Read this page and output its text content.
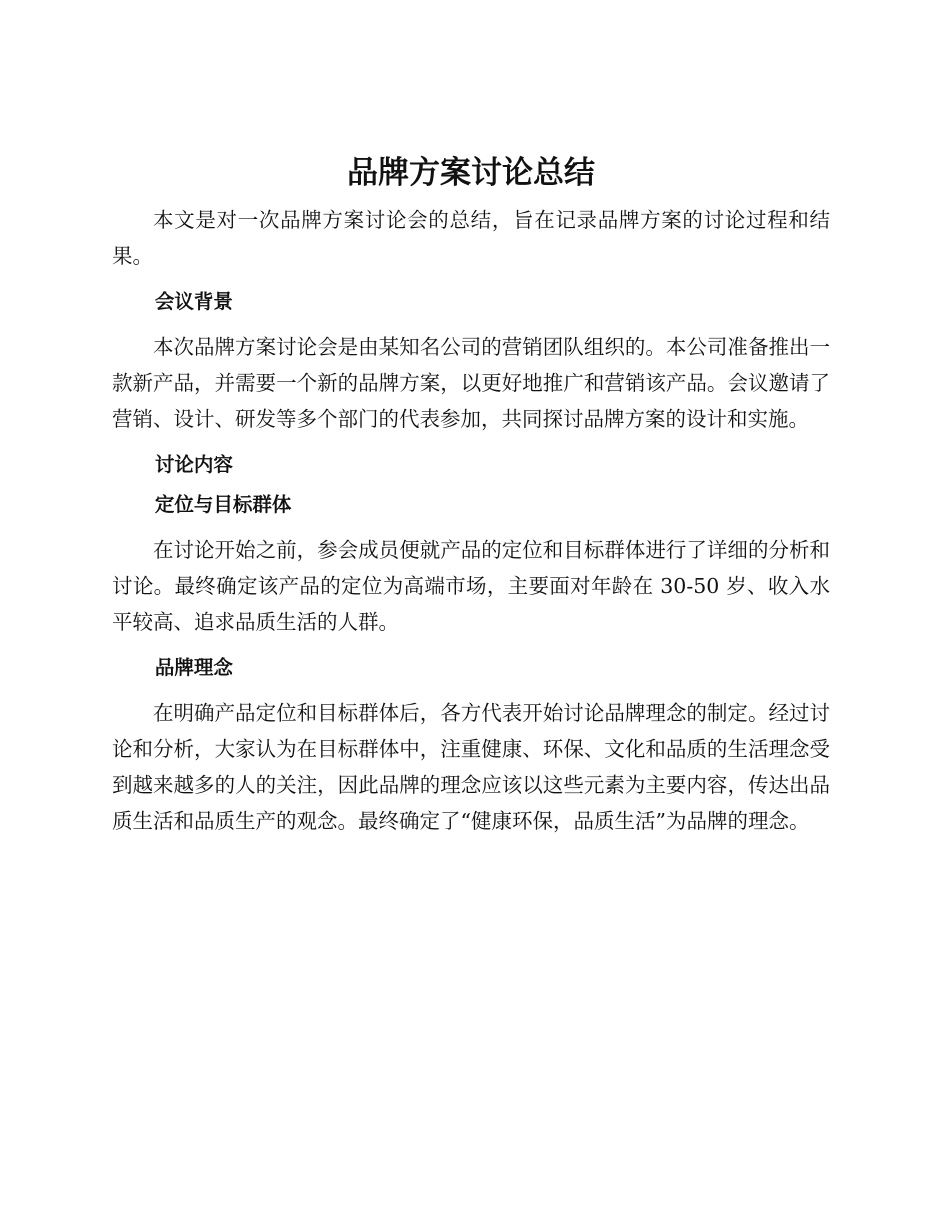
品牌方案讨论总结

本文是对一次品牌方案讨论会的总结，旨在记录品牌方案的讨论过程和结果。

会议背景

本次品牌方案讨论会是由某知名公司的营销团队组织的。本公司准备推出一款新产品，并需要一个新的品牌方案，以更好地推广和营销该产品。会议邀请了营销、设计、研发等多个部门的代表参加，共同探讨品牌方案的设计和实施。

讨论内容
定位与目标群体

在讨论开始之前，参会成员便就产品的定位和目标群体进行了详细的分析和讨论。最终确定该产品的定位为高端市场，主要面对年龄在 30-50 岁、收入水平较高、追求品质生活的人群。

品牌理念

在明确产品定位和目标群体后，各方代表开始讨论品牌理念的制定。经过讨论和分析，大家认为在目标群体中，注重健康、环保、文化和品质的生活理念受到越来越多的人的关注，因此品牌的理念应该以这些元素为主要内容，传达出品质生活和品质生产的观念。最终确定了“健康环保，品质生活”为品牌的理念。
